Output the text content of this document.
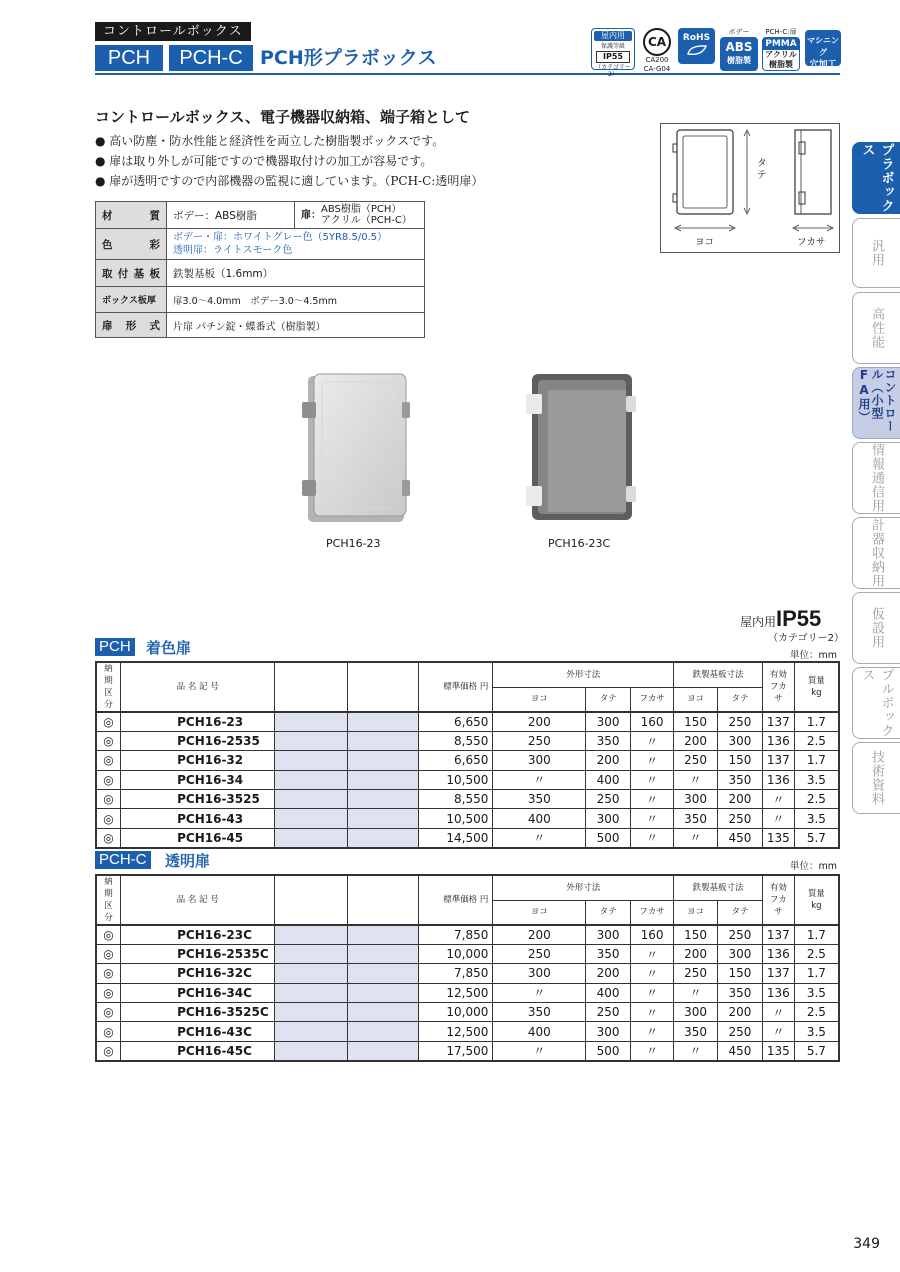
コントロールボックス
PCH	PCH-C PCH形プラボックス
屋内用
保護等級
IP55
（カテゴリー2）
CA
CA200
CA-G04
RoHS
ボデー
ABS
樹脂製
PCH-C:扉
PMMA
アクリル
樹脂製
マシニング
穴加工
コントロールボックス、電子機器収納箱、端子箱として
● 高い防塵・防水性能と経済性を両立した樹脂製ボックスです。
● 扉は取り外しが可能ですので機器取付けの加工が容易です。
● 扉が透明ですので内部機器の監視に適しています。（PCH-C:透明扉）
タテ
ヨコ	フカサ
材　質	ボデー：ABS樹脂	扉：ABS樹脂（PCH）
アクリル（PCH-C）
色　彩	ボデー・扉：ホワイトグレー色（5YR8.5/0.5）
透明扉：ライトスモーク色	
取付基板	鉄製基板（1.6mm）	
ボックス板厚	扉3.0～4.0mm　ボデー3.0～4.5mm	
扉形式	片扉 パチン錠・蝶番式（樹脂製）	
PCH16-23	PCH16-23C
屋内用IP55
（カテゴリー2）
PCH 着色扉	単位：mm
納期
区分	品 名 記 号			標準価格 円	外形寸法			鉄製基板寸法		有効
フカサ	質量
kg
					ヨコ	タテ	フカサ	ヨコ	タテ		
◎	PCH16-23			6,650	200	300	160	150	250	137	1.7
◎	PCH16-2535			8,550	250	350	〃	200	300	136	2.5
◎	PCH16-32			6,650	300	200	〃	250	150	137	1.7
◎	PCH16-34			10,500	〃	400	〃	〃	350	136	3.5
◎	PCH16-3525			8,550	350	250	〃	300	200	〃	2.5
◎	PCH16-43			10,500	400	300	〃	350	250	〃	3.5
◎	PCH16-45			14,500	〃	500	〃	〃	450	135	5.7
PCH-C 透明扉	単位：mm
納期
区分	品 名 記 号			標準価格 円	外形寸法			鉄製基板寸法		有効
フカサ	質量
kg
					ヨコ	タテ	フカサ	ヨコ	タテ		
◎	PCH16-23C			7,850	200	300	160	150	250	137	1.7
◎	PCH16-2535C			10,000	250	350	〃	200	300	136	2.5
◎	PCH16-32C			7,850	300	200	〃	250	150	137	1.7
◎	PCH16-34C			12,500	〃	400	〃	〃	350	136	3.5
◎	PCH16-3525C			10,000	350	250	〃	300	200	〃	2.5
◎	PCH16-43C			12,500	400	300	〃	350	250	〃	3.5
◎	PCH16-45C			17,500	〃	500	〃	〃	450	135	5.7
プラボックス
汎用
高性能
コントロール（小型FA用）
情報通信用
計器収納用
仮設用
プルボックス
技術資料
349
